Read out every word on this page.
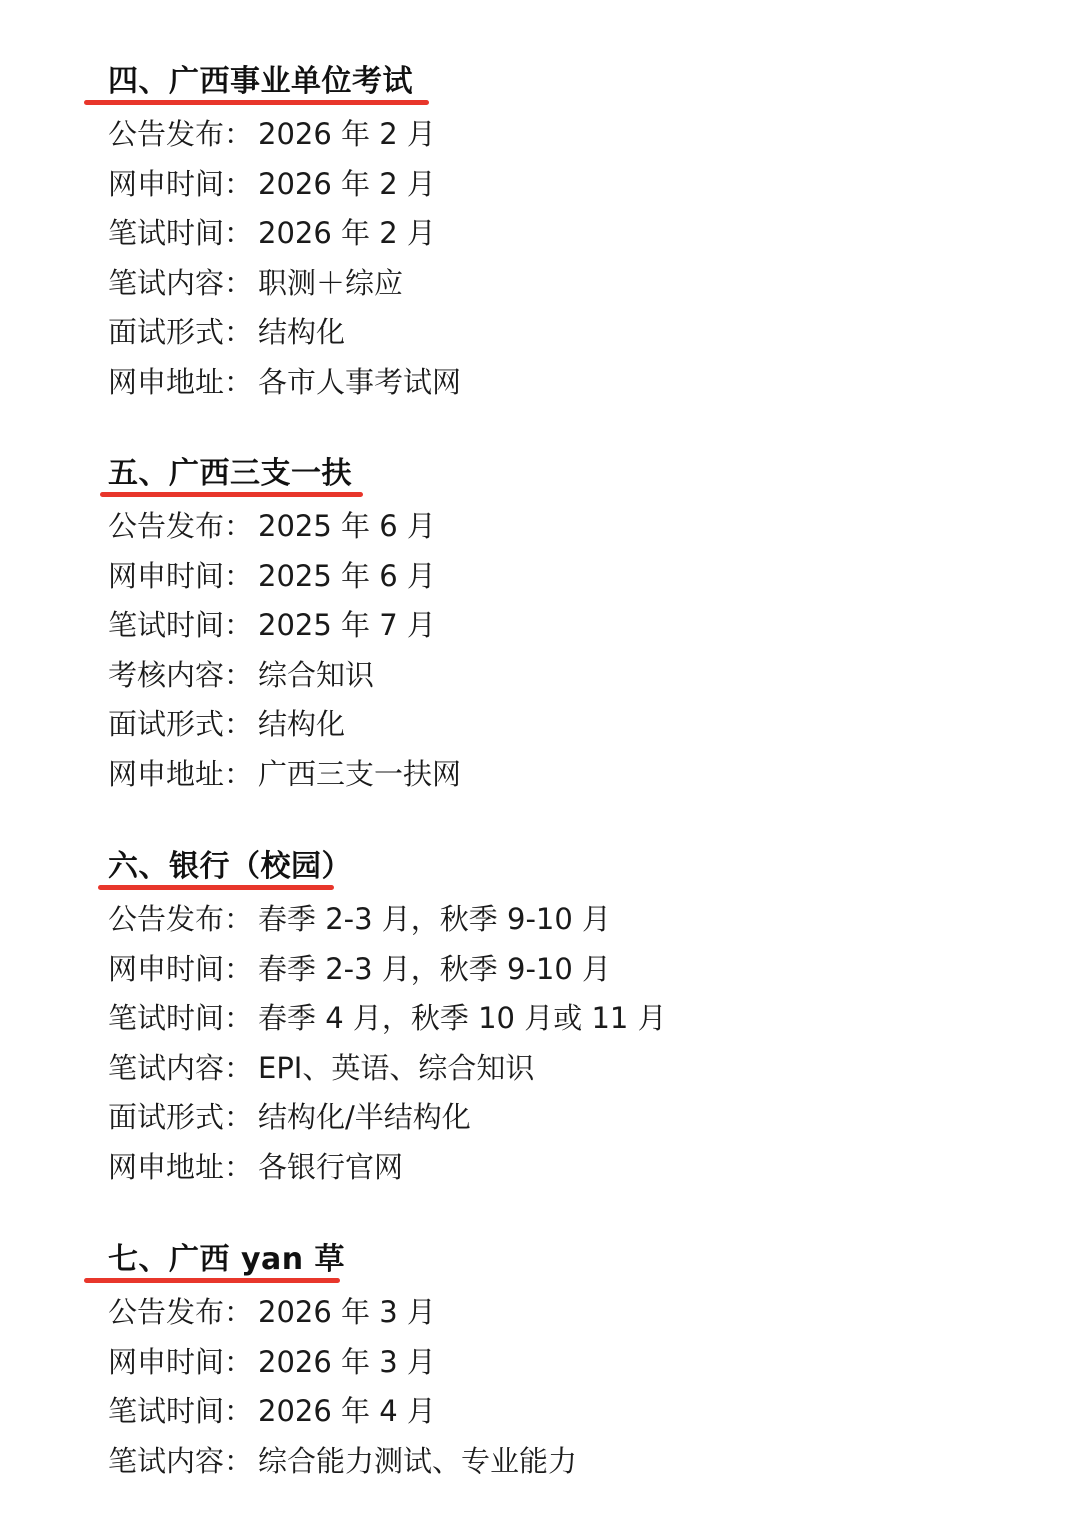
四、广西事业单位考试
公告发布： 2026 年 2 月
网申时间： 2026 年 2 月
笔试时间： 2026 年 2 月
笔试内容： 职测＋综应
面试形式： 结构化
网申地址： 各市人事考试网
五、广西三支一扶
公告发布： 2025 年 6 月
网申时间： 2025 年 6 月
笔试时间： 2025 年 7 月
考核内容： 综合知识
面试形式： 结构化
网申地址： 广西三支一扶网
六、银行（校园）
公告发布： 春季 2-3 月，秋季 9-10 月
网申时间： 春季 2-3 月，秋季 9-10 月
笔试时间： 春季 4 月，秋季 10 月或 11 月
笔试内容： EPI、英语、综合知识
面试形式： 结构化/半结构化
网申地址： 各银行官网
七、广西 yan 草
公告发布： 2026 年 3 月
网申时间： 2026 年 3 月
笔试时间： 2026 年 4 月
笔试内容： 综合能力测试、专业能力
